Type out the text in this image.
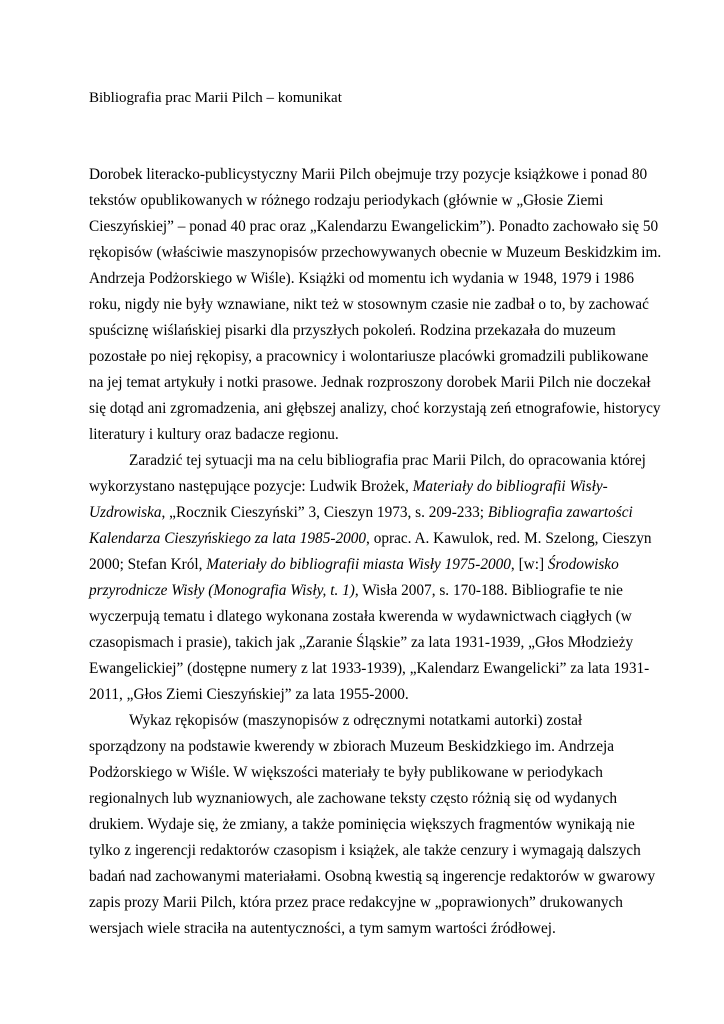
Bibliografia prac Marii Pilch – komunikat
Dorobek literacko-publicystyczny Marii Pilch obejmuje trzy pozycje książkowe i ponad 80
tekstów opublikowanych w różnego rodzaju periodykach (głównie w „Głosie Ziemi
Cieszyńskiej” – ponad 40 prac oraz „Kalendarzu Ewangelickim”). Ponadto zachowało się 50
rękopisów (właściwie maszynopisów przechowywanych obecnie w Muzeum Beskidzkim im.
Andrzeja Podżorskiego w Wiśle). Książki od momentu ich wydania w 1948, 1979 i 1986
roku, nigdy nie były wznawiane, nikt też w stosownym czasie nie zadbał o to, by zachować
spuściznę wiślańskiej pisarki dla przyszłych pokoleń. Rodzina przekazała do muzeum
pozostałe po niej rękopisy, a pracownicy i wolontariusze placówki gromadzili publikowane
na jej temat artykuły i notki prasowe. Jednak rozproszony dorobek Marii Pilch nie doczekał
się dotąd ani zgromadzenia, ani głębszej analizy, choć korzystają zeń etnografowie, historycy
literatury i kultury oraz badacze regionu.
Zaradzić tej sytuacji ma na celu bibliografia prac Marii Pilch, do opracowania której
wykorzystano następujące pozycje: Ludwik Brożek, Materiały do bibliografii Wisły-
Uzdrowiska, „Rocznik Cieszyński” 3, Cieszyn 1973, s. 209-233; Bibliografia zawartości
Kalendarza Cieszyńskiego za lata 1985-2000, oprac. A. Kawulok, red. M. Szelong, Cieszyn
2000; Stefan Król, Materiały do bibliografii miasta Wisły 1975-2000, [w:] Środowisko
przyrodnicze Wisły (Monografia Wisły, t. 1), Wisła 2007, s. 170-188. Bibliografie te nie
wyczerpują tematu i dlatego wykonana została kwerenda w wydawnictwach ciągłych (w
czasopismach i prasie), takich jak „Zaranie Śląskie” za lata 1931-1939, „Głos Młodzieży
Ewangelickiej” (dostępne numery z lat 1933-1939), „Kalendarz Ewangelicki” za lata 1931-
2011, „Głos Ziemi Cieszyńskiej” za lata 1955-2000.
Wykaz rękopisów (maszynopisów z odręcznymi notatkami autorki) został
sporządzony na podstawie kwerendy w zbiorach Muzeum Beskidzkiego im. Andrzeja
Podżorskiego w Wiśle. W większości materiały te były publikowane w periodykach
regionalnych lub wyznaniowych, ale zachowane teksty często różnią się od wydanych
drukiem. Wydaje się, że zmiany, a także pominięcia większych fragmentów wynikają nie
tylko z ingerencji redaktorów czasopism i książek, ale także cenzury i wymagają dalszych
badań nad zachowanymi materiałami. Osobną kwestią są ingerencje redaktorów w gwarowy
zapis prozy Marii Pilch, która przez prace redakcyjne w „poprawionych” drukowanych
wersjach wiele straciła na autentyczności, a tym samym wartości źródłowej.
